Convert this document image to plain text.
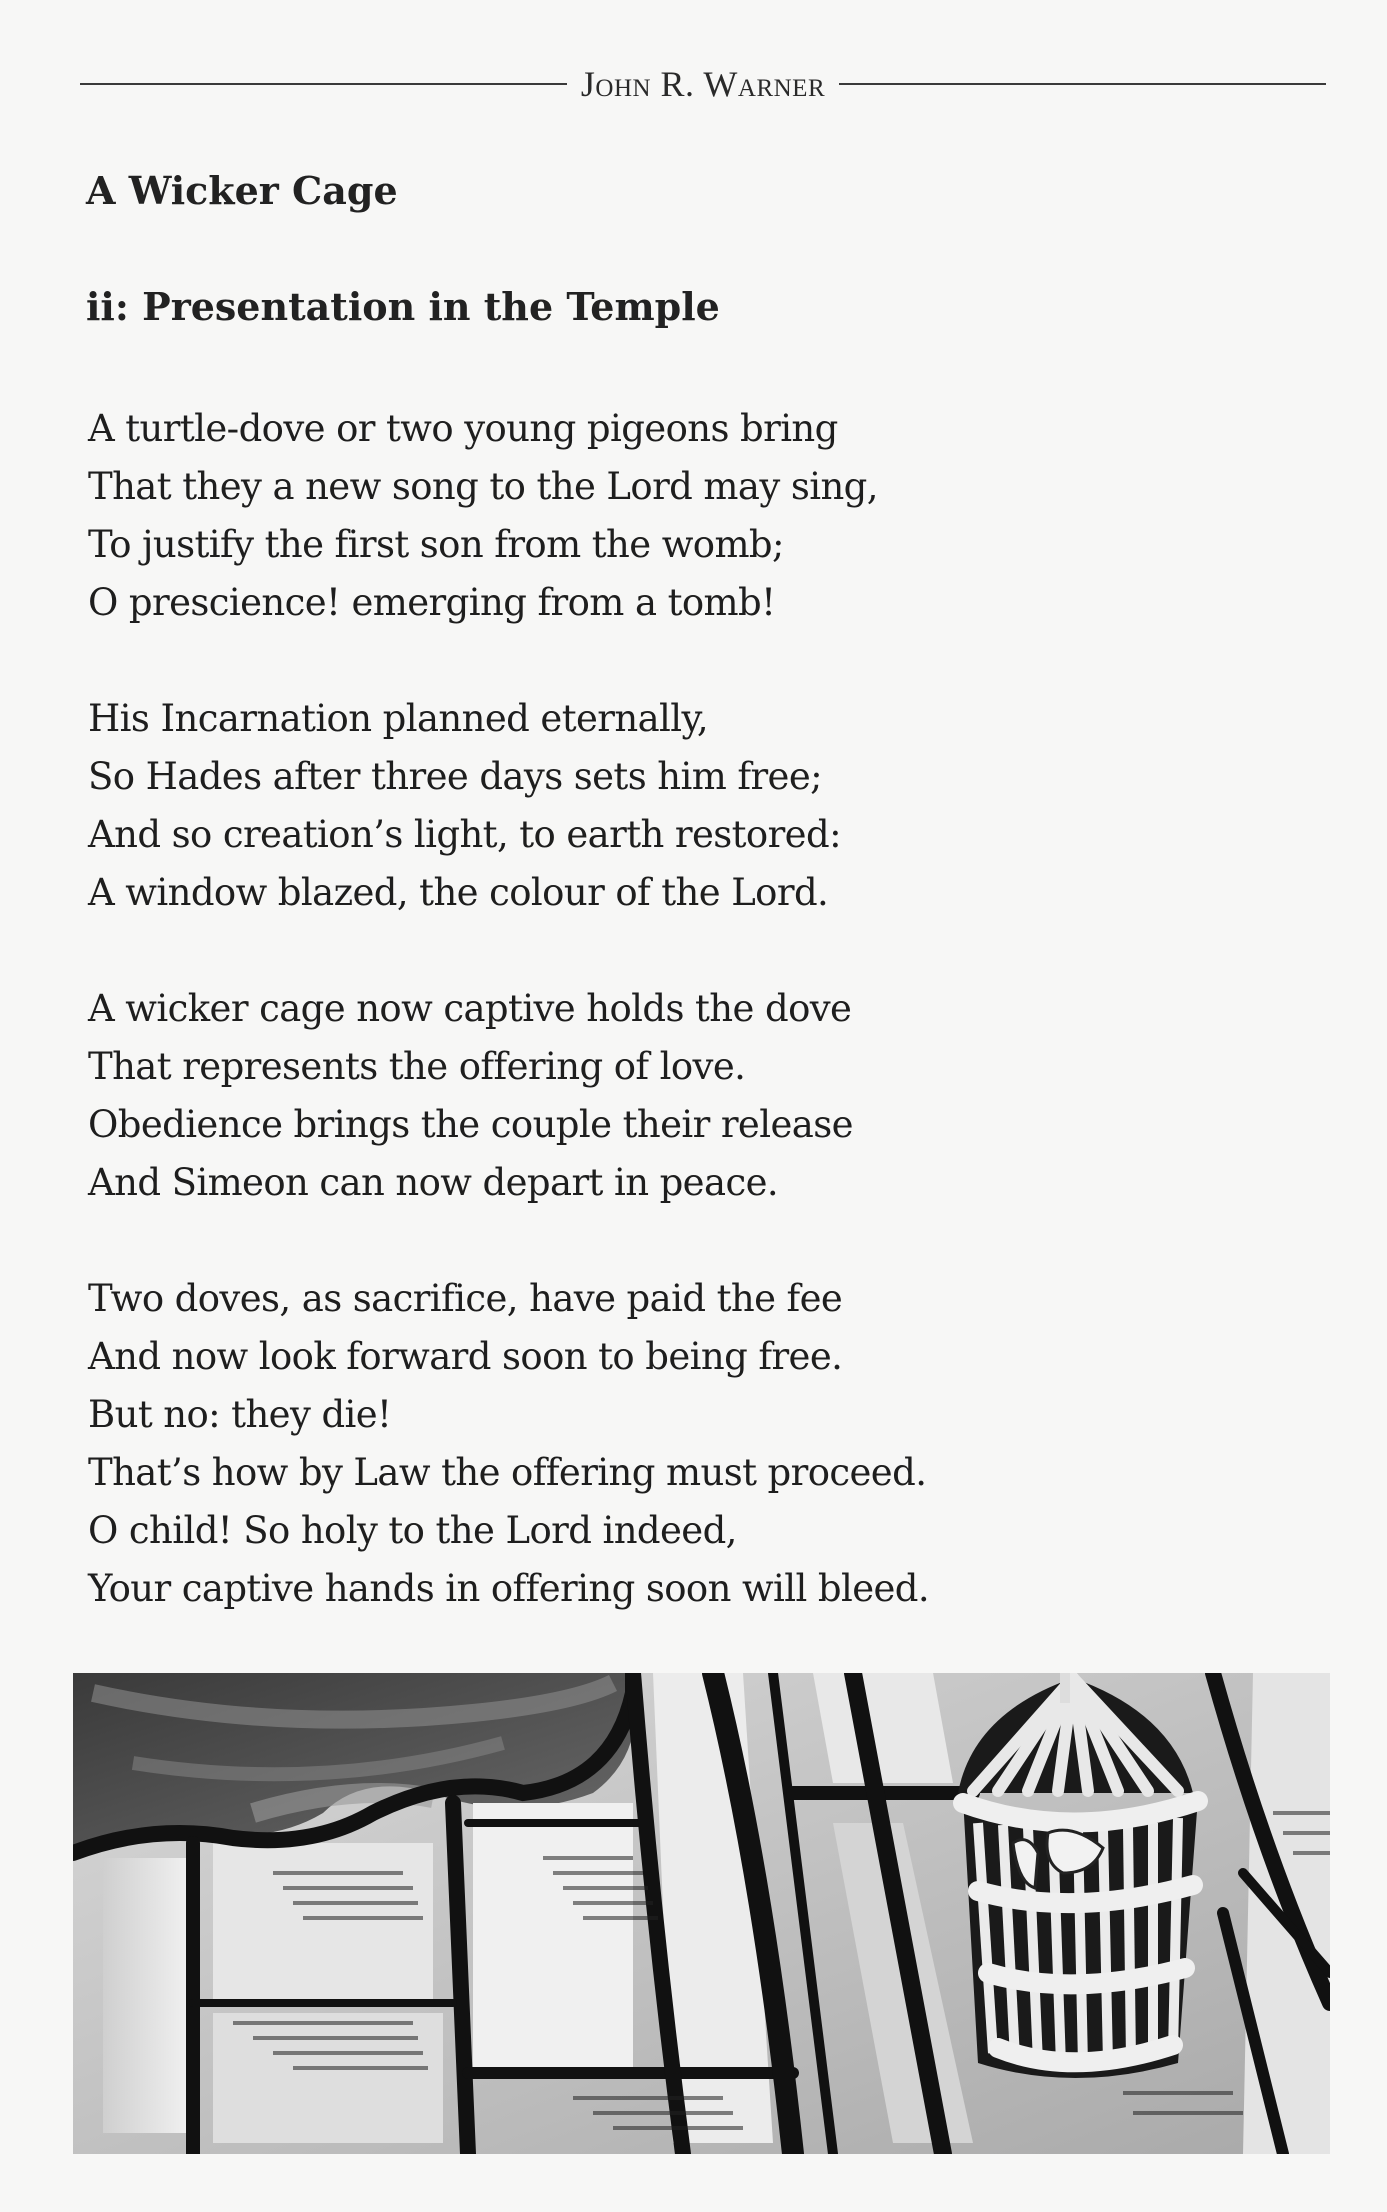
John R. Warner
A Wicker Cage
ii: Presentation in the Temple
A turtle-dove or two young pigeons bring
That they a new song to the Lord may sing,
To justify the first son from the womb;
O prescience! emerging from a tomb!
His Incarnation planned eternally,
So Hades after three days sets him free;
And so creation’s light, to earth restored:
A window blazed, the colour of the Lord.
A wicker cage now captive holds the dove
That represents the offering of love.
Obedience brings the couple their release
And Simeon can now depart in peace.
Two doves, as sacrifice, have paid the fee
And now look forward soon to being free.
But no: they die!
That’s how by Law the offering must proceed.
O child! So holy to the Lord indeed,
Your captive hands in offering soon will bleed.
